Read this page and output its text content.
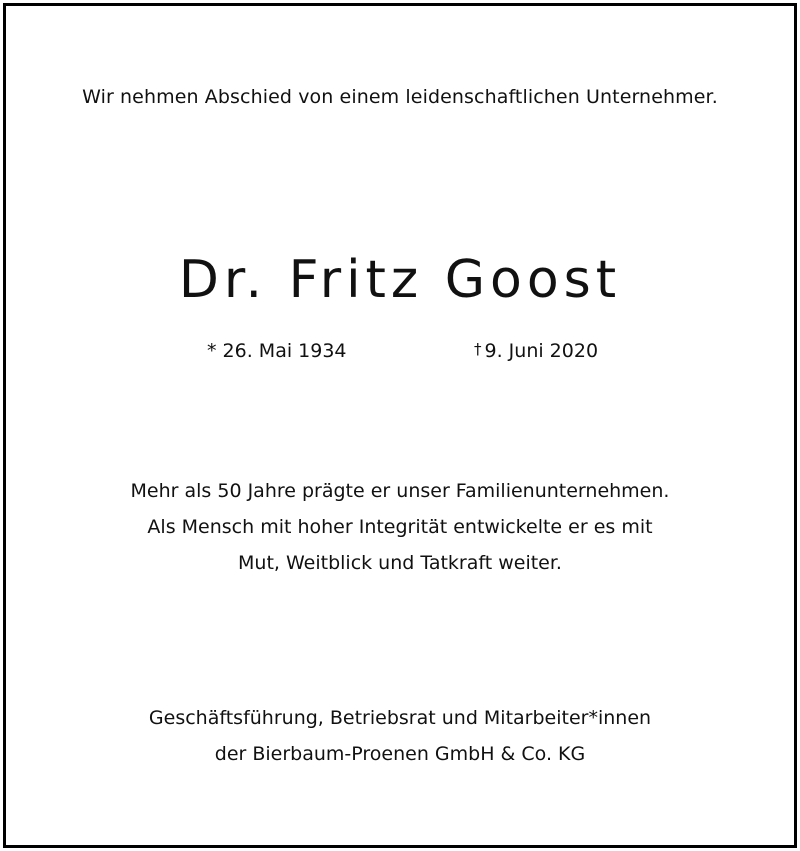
Wir nehmen Abschied von einem leidenschaftlichen Unternehmer.
Dr. Fritz Goost
* 26. Mai 1934	† 9. Juni 2020
Mehr als 50 Jahre prägte er unser Familienunternehmen.
Als Mensch mit hoher Integrität entwickelte er es mit
Mut, Weitblick und Tatkraft weiter.
Geschäftsführung, Betriebsrat und Mitarbeiter*innen
der Bierbaum-Proenen GmbH & Co. KG
